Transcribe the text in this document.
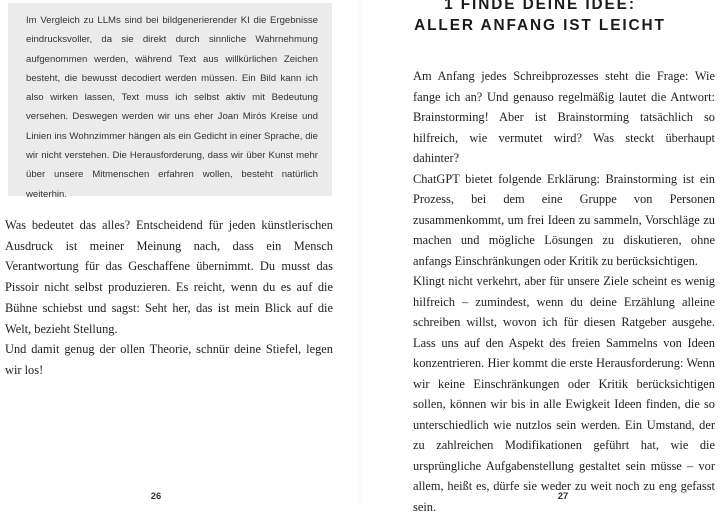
Im Vergleich zu LLMs sind bei bildgenerierender KI die Ergebnisse eindrucksvoller, da sie direkt durch sinnliche Wahrnehmung aufgenommen werden, während Text aus willkürlichen Zeichen besteht, die bewusst decodiert werden müssen. Ein Bild kann ich also wirken lassen, Text muss ich selbst aktiv mit Bedeutung versehen. Deswegen werden wir uns eher Joan Mirós Kreise und Linien ins Wohnzimmer hängen als ein Gedicht in einer Sprache, die wir nicht verstehen. Die Herausforderung, dass wir über Kunst mehr über unsere Mitmenschen erfahren wollen, besteht natürlich weiterhin.

Was bedeutet das alles? Entscheidend für jeden künstlerischen Ausdruck ist meiner Meinung nach, dass ein Mensch Verantwortung für das Geschaffene übernimmt. Du musst das Pissoir nicht selbst produzieren. Es reicht, wenn du es auf die Bühne schiebst und sagst: Seht her, das ist mein Blick auf die Welt, bezieht Stellung.

Und damit genug der ollen Theorie, schnür deine Stiefel, legen wir los!

26
1 FINDE DEINE IDEE:
ALLER ANFANG IST LEICHT

Am Anfang jedes Schreibprozesses steht die Frage: Wie fange ich an? Und genauso regelmäßig lautet die Antwort: Brainstorming! Aber ist Brainstorming tatsächlich so hilfreich, wie vermutet wird? Was steckt überhaupt dahinter?

ChatGPT bietet folgende Erklärung: Brainstorming ist ein Prozess, bei dem eine Gruppe von Personen zusammenkommt, um frei Ideen zu sammeln, Vorschläge zu machen und mögliche Lösungen zu diskutieren, ohne anfangs Einschränkungen oder Kritik zu berücksichtigen.

Klingt nicht verkehrt, aber für unsere Ziele scheint es wenig hilfreich – zumindest, wenn du deine Erzählung alleine schreiben willst, wovon ich für diesen Ratgeber ausgehe. Lass uns auf den Aspekt des freien Sammelns von Ideen konzentrieren. Hier kommt die erste Herausforderung: Wenn wir keine Einschränkungen oder Kritik berücksichtigen sollen, können wir bis in alle Ewigkeit Ideen finden, die so unterschiedlich wie nutzlos sein werden. Ein Umstand, der zu zahlreichen Modifikationen geführt hat, wie die ursprüngliche Aufgabenstellung gestaltet sein müsse – vor allem, heißt es, dürfe sie weder zu weit noch zu eng gefasst sein.

27
